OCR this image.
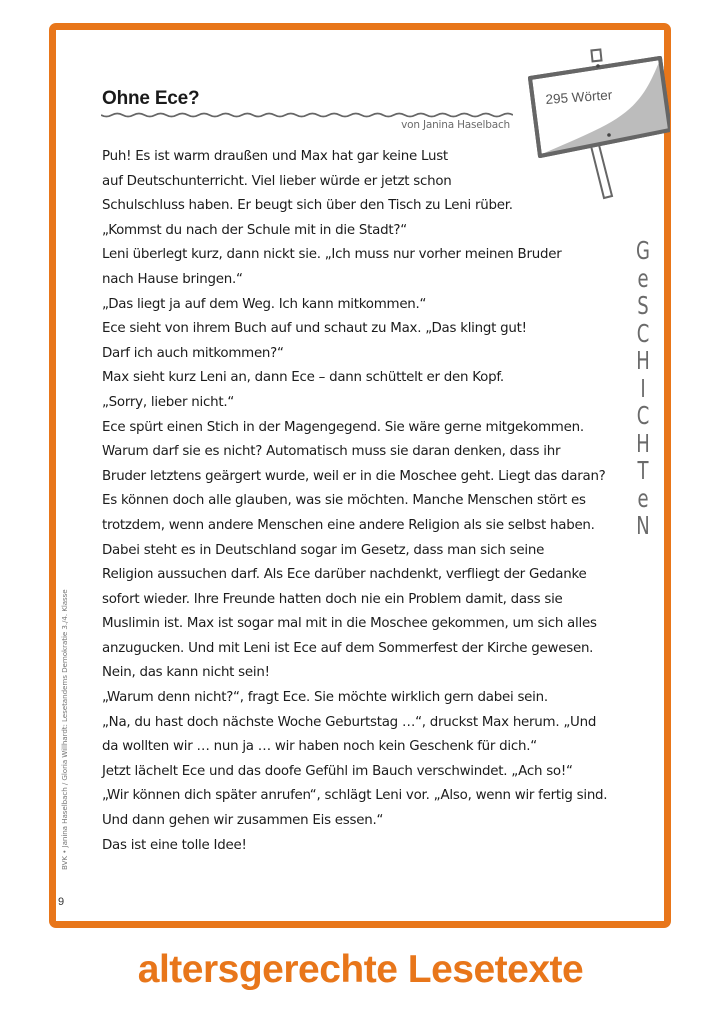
Ohne Ece?
von Janina Haselbach
295 Wörter
Puh! Es ist warm draußen und Max hat gar keine Lust
auf Deutschunterricht. Viel lieber würde er jetzt schon
Schulschluss haben. Er beugt sich über den Tisch zu Leni rüber.
„Kommst du nach der Schule mit in die Stadt?“
Leni überlegt kurz, dann nickt sie. „Ich muss nur vorher meinen Bruder
nach Hause bringen.“
„Das liegt ja auf dem Weg. Ich kann mitkommen.“
Ece sieht von ihrem Buch auf und schaut zu Max. „Das klingt gut!
Darf ich auch mitkommen?“
Max sieht kurz Leni an, dann Ece – dann schüttelt er den Kopf.
„Sorry, lieber nicht.“
Ece spürt einen Stich in der Magengegend. Sie wäre gerne mitgekommen.
Warum darf sie es nicht? Automatisch muss sie daran denken, dass ihr
Bruder letztens geärgert wurde, weil er in die Moschee geht. Liegt das daran?
Es können doch alle glauben, was sie möchten. Manche Menschen stört es
trotzdem, wenn andere Menschen eine andere Religion als sie selbst haben.
Dabei steht es in Deutschland sogar im Gesetz, dass man sich seine
Religion aussuchen darf. Als Ece darüber nachdenkt, verfliegt der Gedanke
sofort wieder. Ihre Freunde hatten doch nie ein Problem damit, dass sie
Muslimin ist. Max ist sogar mal mit in die Moschee gekommen, um sich alles
anzugucken. Und mit Leni ist Ece auf dem Sommerfest der Kirche gewesen.
Nein, das kann nicht sein!
„Warum denn nicht?“, fragt Ece. Sie möchte wirklich gern dabei sein.
„Na, du hast doch nächste Woche Geburtstag …“, druckst Max herum. „Und
da wollten wir … nun ja … wir haben noch kein Geschenk für dich.“
Jetzt lächelt Ece und das doofe Gefühl im Bauch verschwindet. „Ach so!“
„Wir können dich später anrufen“, schlägt Leni vor. „Also, wenn wir fertig sind.
Und dann gehen wir zusammen Eis essen.“
Das ist eine tolle Idee!
G
e
S
C
H
I
C
H
T
e
N
BVK • Janina Haselbach / Gloria Willhardt: Lesetandems Demokratie 3./4. Klasse
9
altersgerechte Lesetexte
